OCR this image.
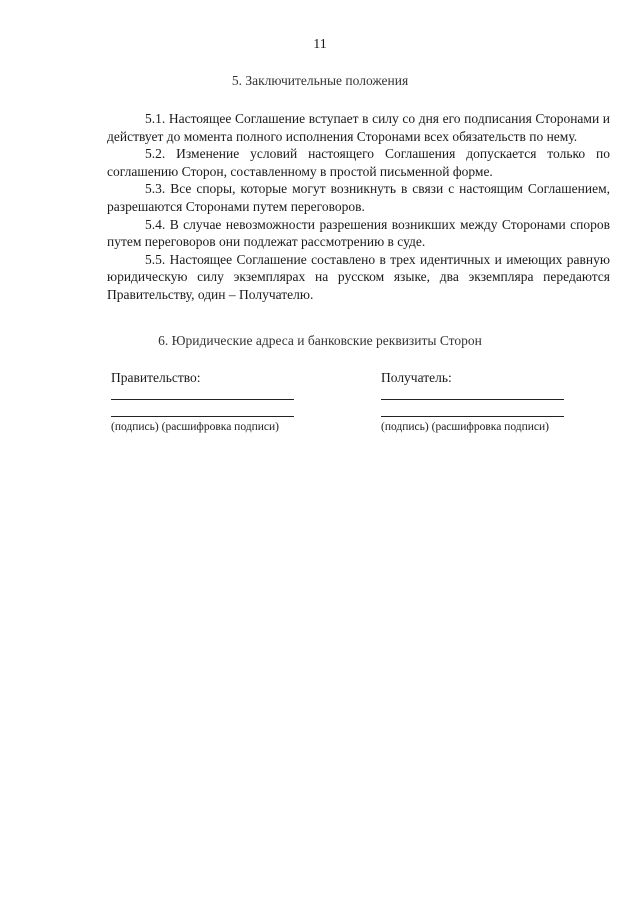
11
5. Заключительные положения

5.1. Настоящее Соглашение вступает в силу со дня его подписания Сторонами и действует до момента полного исполнения Сторонами всех обязательств по нему.

5.2. Изменение условий настоящего Соглашения допускается только по соглашению Сторон, составленному в простой письменной форме.

5.3. Все споры, которые могут возникнуть в связи с настоящим Соглашением, разрешаются Сторонами путем переговоров.

5.4. В случае невозможности разрешения возникших между Сторонами споров путем переговоров они подлежат рассмотрению в суде.

5.5. Настоящее Соглашение составлено в трех идентичных и имеющих равную юридическую силу экземплярах на русском языке, два экземпляра передаются Правительству, один – Получателю.

6. Юридические адреса и банковские реквизиты Сторон
Правительство:
(подпись) (расшифровка подписи)
Получатель:
(подпись) (расшифровка подписи)
